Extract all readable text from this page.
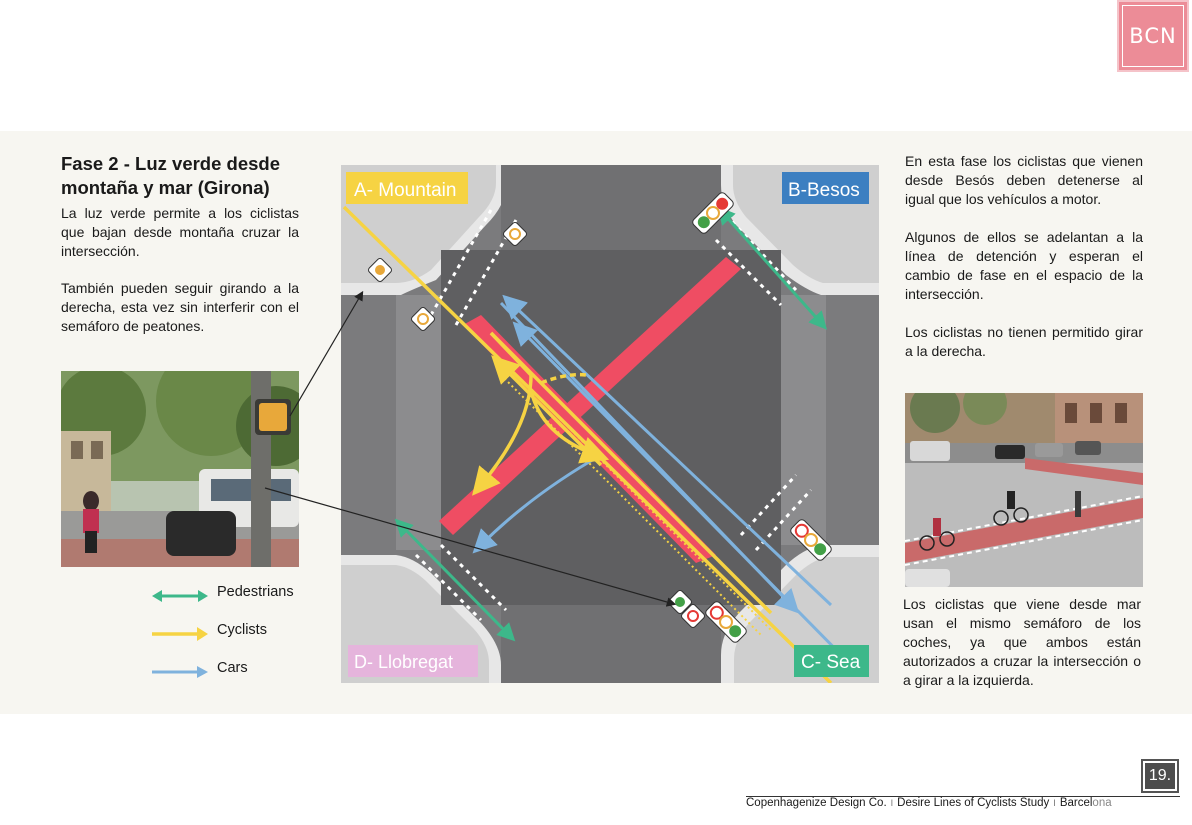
BCN
Fase 2 - Luz verde desde montaña y mar (Girona)

La luz verde permite a los ciclistas que bajan desde montaña cruzar la intersección.

También pueden seguir girando a la derecha, esta vez sin interferir con el semáforo de peatones.

Pedestrians
Cyclists
Cars
A- Mountain	B-Besos
D- Llobregat	C- Sea

En esta fase los ciclistas que vienen desde Besós deben detenerse al igual que los vehículos a motor.

Algunos de ellos se adelantan a la línea de detención y esperan el cambio de fase en el espacio de la intersección.

Los ciclistas no tienen permitido girar a la derecha.

Los ciclistas que viene desde mar usan el mismo semáforo de los coches, ya que ambos están autorizados a cruzar la intersección o a girar a la izquierda.

19.
Copenhagenize Design Co. I Desire Lines of Cyclists Study I Barcelona
